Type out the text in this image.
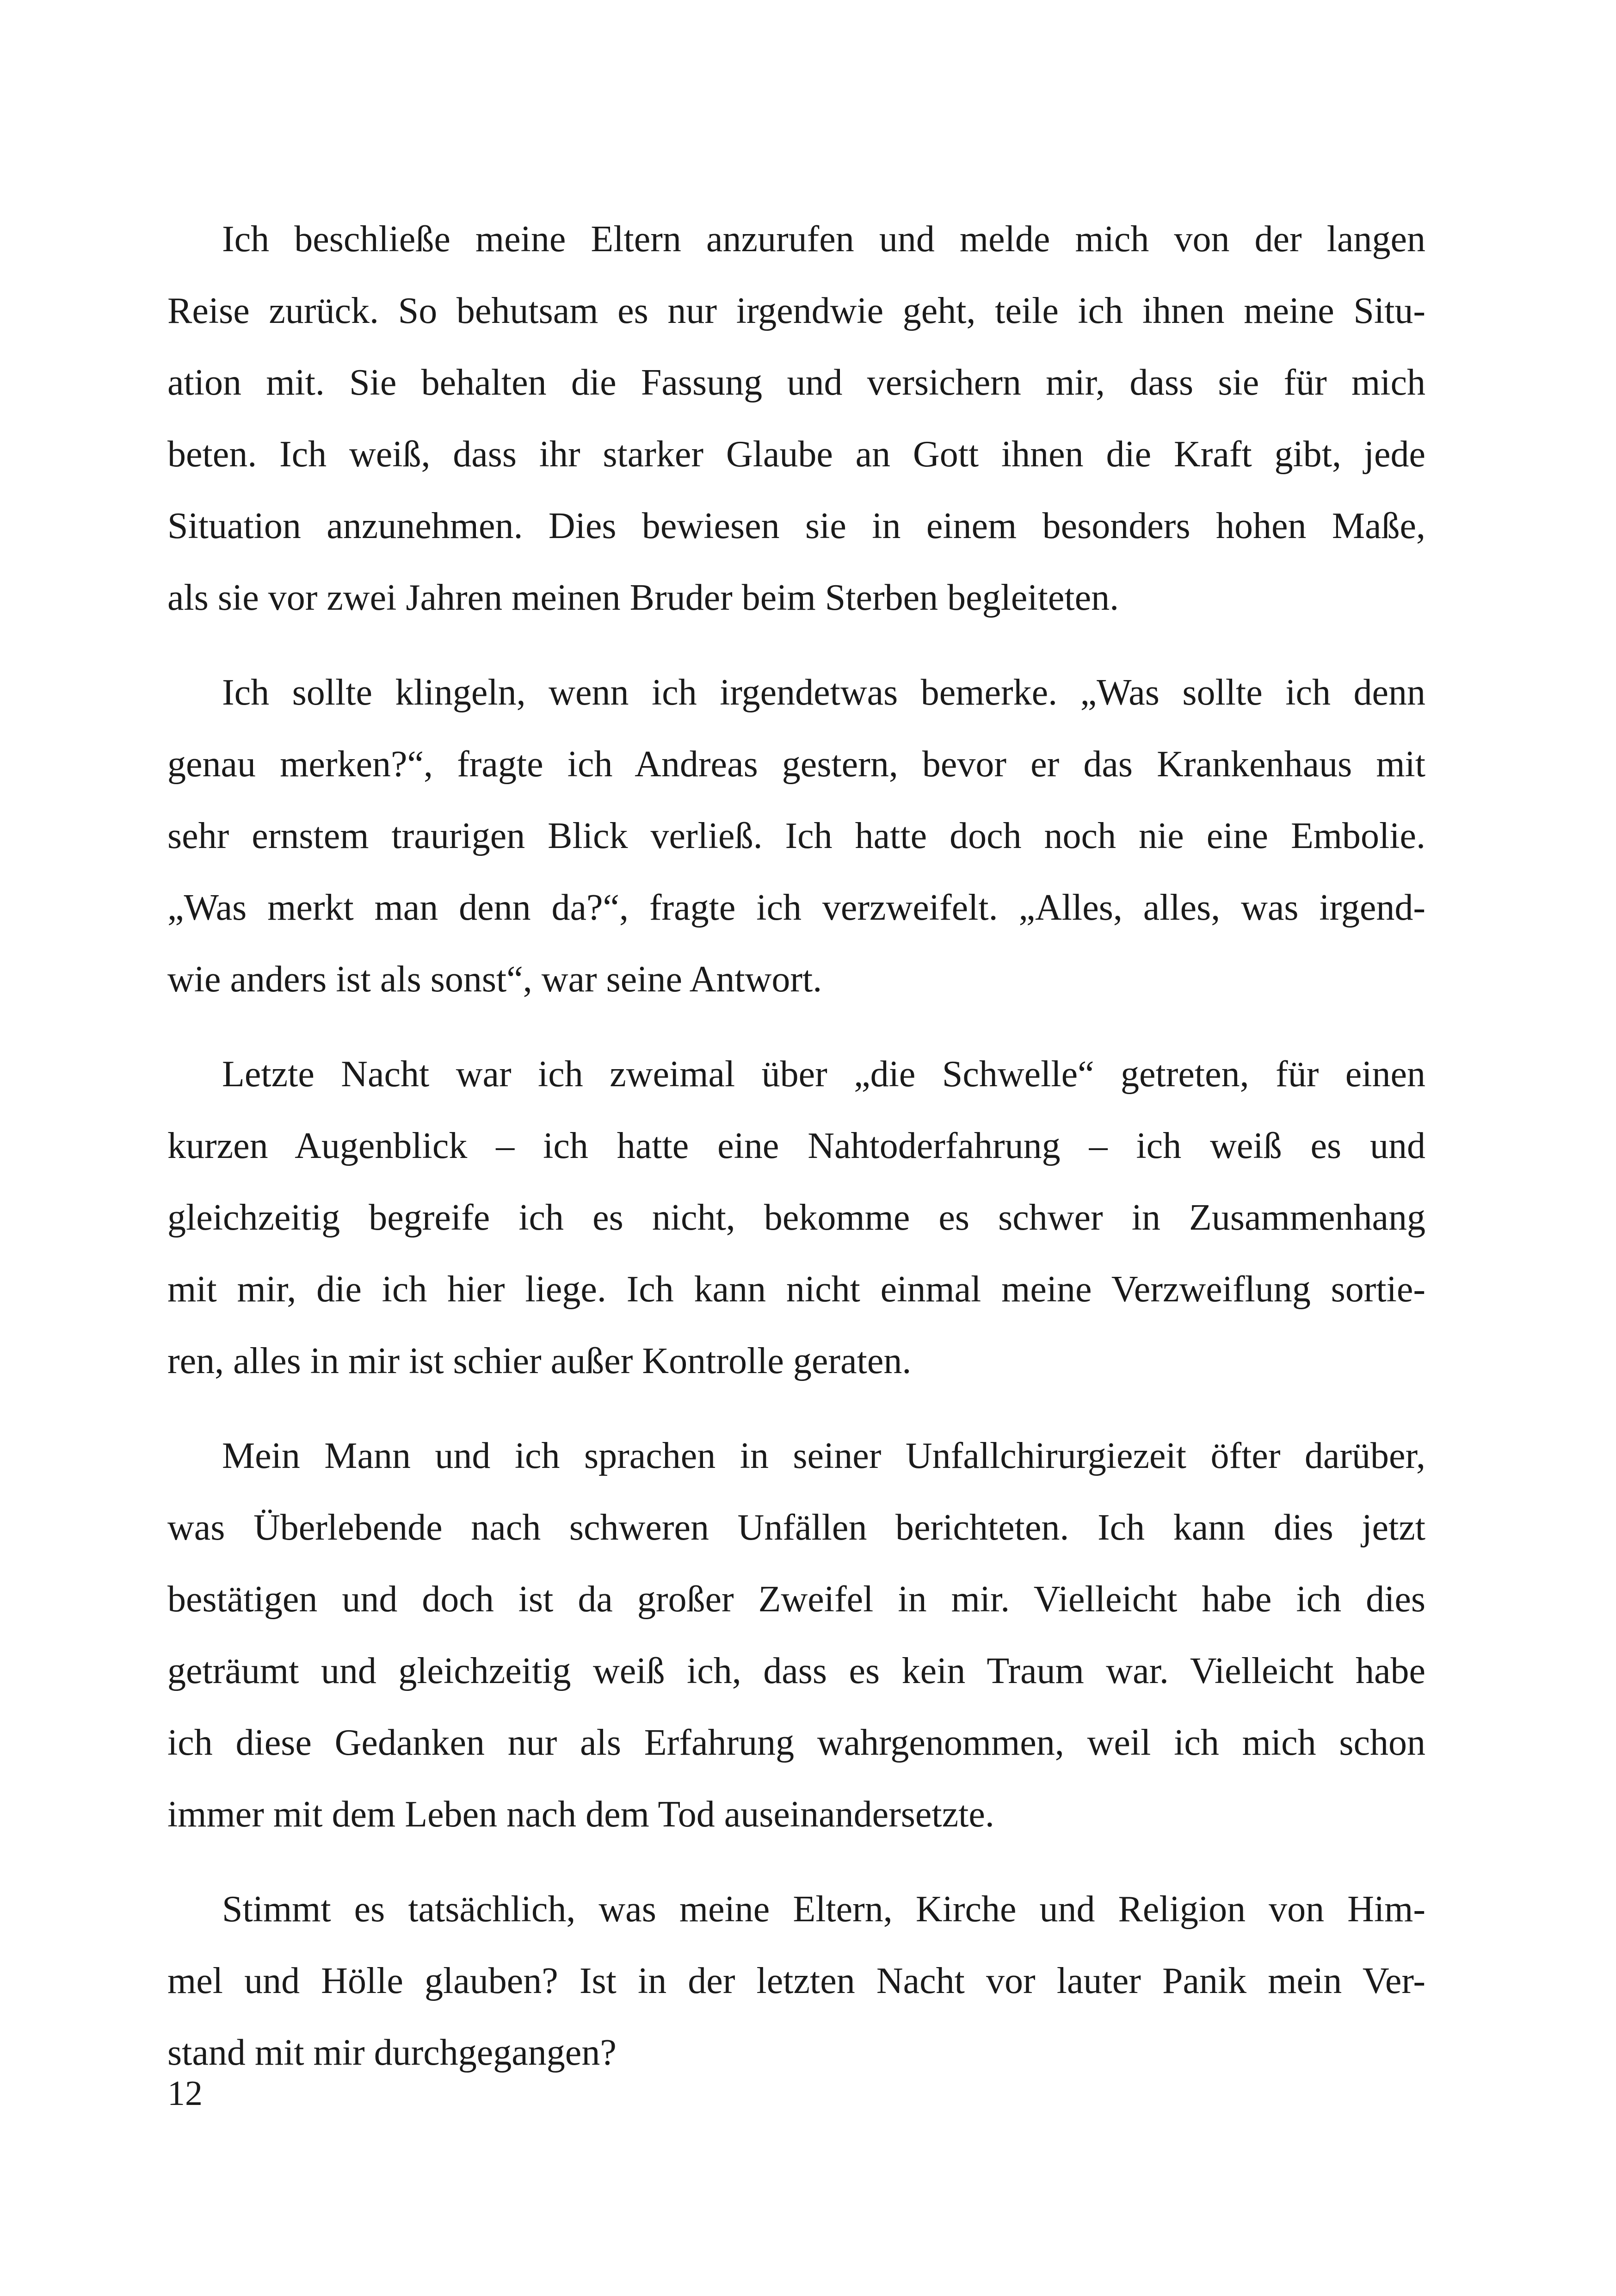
Ich beschließe meine Eltern anzurufen und melde mich von der langen
Reise zurück. So behutsam es nur irgendwie geht, teile ich ihnen meine Situ-
ation mit. Sie behalten die Fassung und versichern mir, dass sie für mich
beten. Ich weiß, dass ihr starker Glaube an Gott ihnen die Kraft gibt, jede
Situation anzunehmen. Dies bewiesen sie in einem besonders hohen Maße,
als sie vor zwei Jahren meinen Bruder beim Sterben begleiteten.
Ich sollte klingeln, wenn ich irgendetwas bemerke. „Was sollte ich denn
genau merken?“, fragte ich Andreas gestern, bevor er das Krankenhaus mit
sehr ernstem traurigen Blick verließ. Ich hatte doch noch nie eine Embolie.
„Was merkt man denn da?“, fragte ich verzweifelt. „Alles, alles, was irgend-
wie anders ist als sonst“, war seine Antwort.
Letzte Nacht war ich zweimal über „die Schwelle“ getreten, für einen
kurzen Augenblick – ich hatte eine Nahtoderfahrung – ich weiß es und
gleichzeitig begreife ich es nicht, bekomme es schwer in Zusammenhang
mit mir, die ich hier liege. Ich kann nicht einmal meine Verzweiflung sortie-
ren, alles in mir ist schier außer Kontrolle geraten.
Mein Mann und ich sprachen in seiner Unfallchirurgiezeit öfter darüber,
was Überlebende nach schweren Unfällen berichteten. Ich kann dies jetzt
bestätigen und doch ist da großer Zweifel in mir. Vielleicht habe ich dies
geträumt und gleichzeitig weiß ich, dass es kein Traum war. Vielleicht habe
ich diese Gedanken nur als Erfahrung wahrgenommen, weil ich mich schon
immer mit dem Leben nach dem Tod auseinandersetzte.
Stimmt es tatsächlich, was meine Eltern, Kirche und Religion von Him-
mel und Hölle glauben? Ist in der letzten Nacht vor lauter Panik mein Ver-
stand mit mir durchgegangen?
12
